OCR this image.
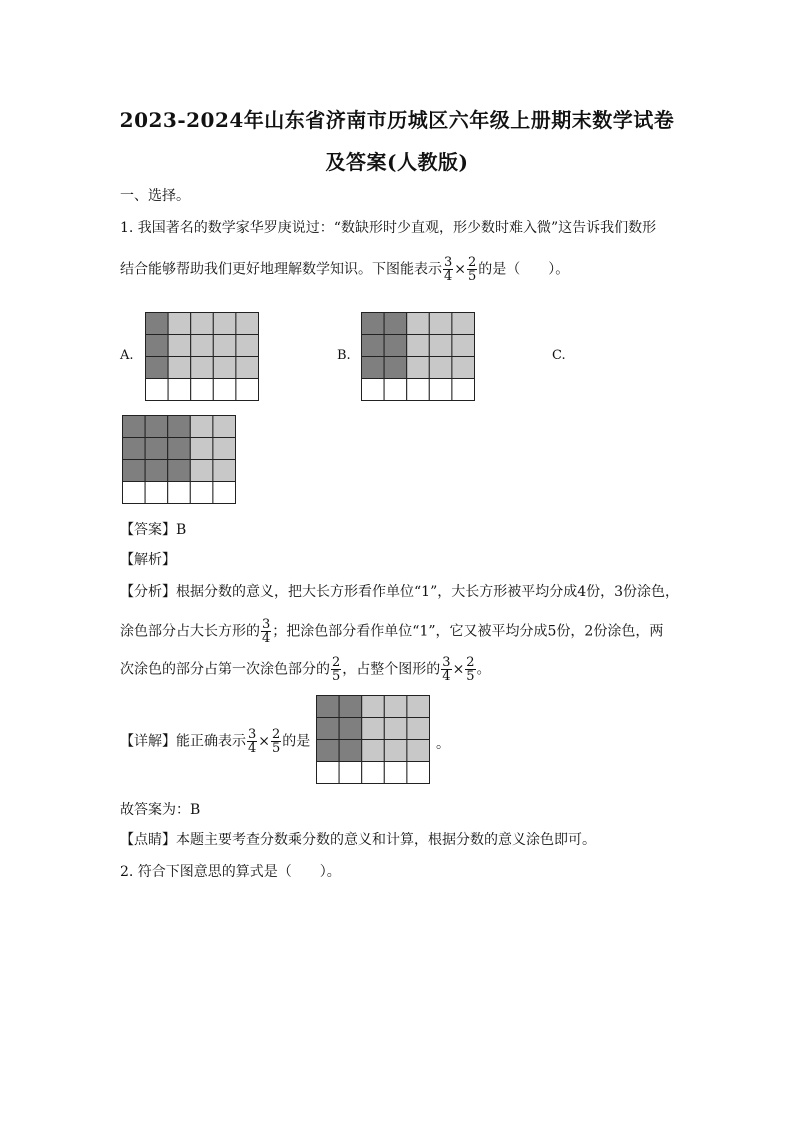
2023-2024年山东省济南市历城区六年级上册期末数学试卷
及答案(人教版)
一、选择。
1. 我国著名的数学家华罗庚说过：“数缺形时少直观，形少数时难入微”这告诉我们数形
结合能够帮助我们更好地理解数学知识。下图能表示 $\frac{3}{4} \times \frac{2}{5}$ 的是（　　）。
A.	B.	C.
【答案】B
【解析】
【分析】根据分数的意义，把大长方形看作单位“1”，大长方形被平均分成4份，3份涂色，
涂色部分占大长方形的 $\frac{3}{4}$ ；把涂色部分看作单位“1”，它又被平均分成5份，2份涂色，两
次涂色的部分占第一次涂色部分的 $\frac{2}{5}$ ，占整个图形的 $\frac{3}{4} \times \frac{2}{5}$ 。
【详解】能正确表示 $\frac{3}{4} \times \frac{2}{5}$ 的是	。
故答案为：B
【点睛】本题主要考查分数乘分数的意义和计算，根据分数的意义涂色即可。
2. 符合下图意思的算式是（　　）。
